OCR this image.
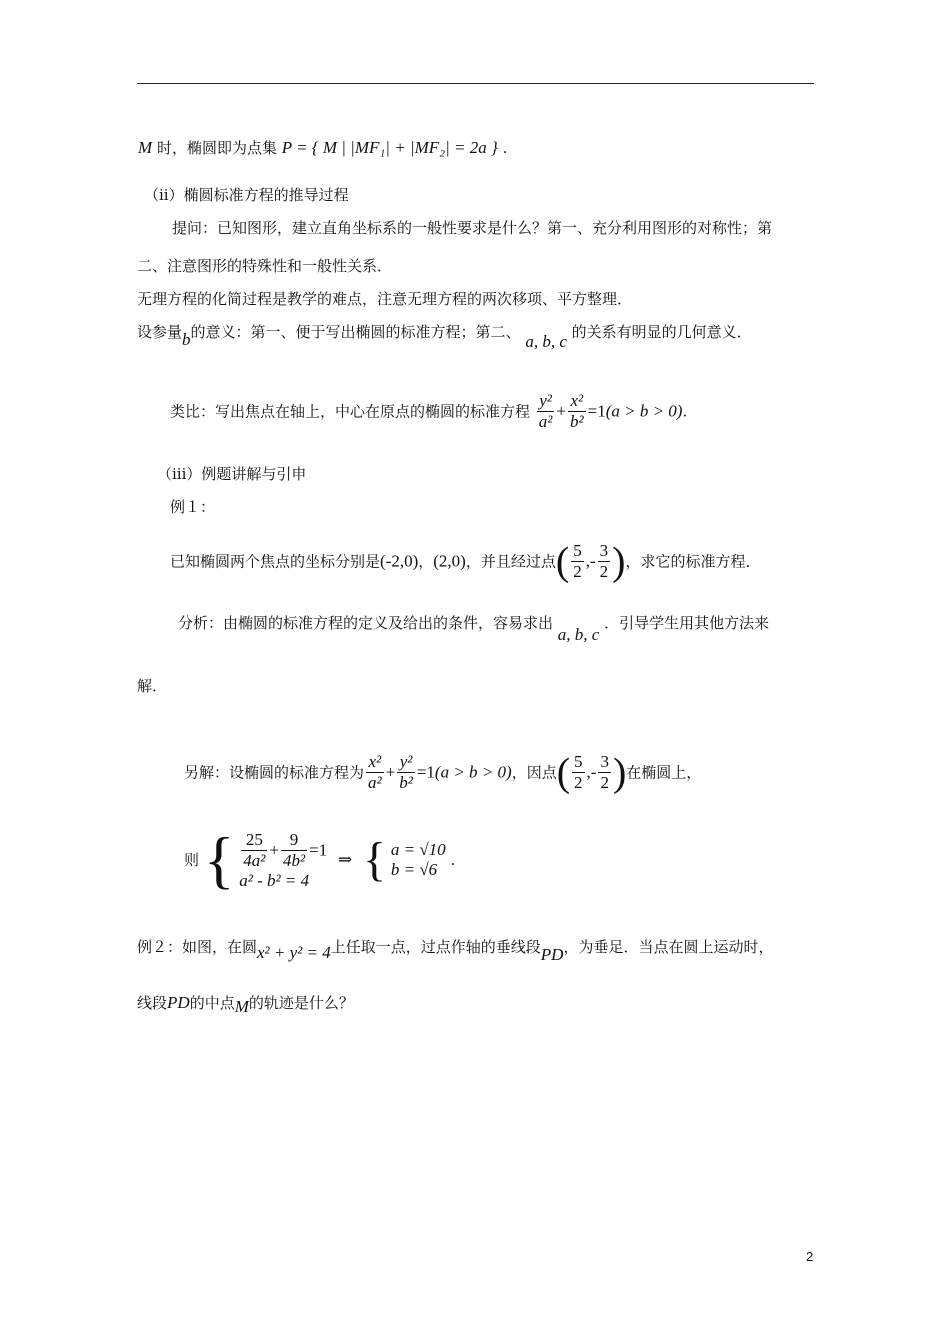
M 时，椭圆即为点集 P = { M | |MF₁| + |MF₂| = 2a } .
（ii）椭圆标准方程的推导过程
提问：已知图形，建立直角坐标系的一般性要求是什么？第一、充分利用图形的对称性；第
二、注意图形的特殊性和一般性关系．
无理方程的化简过程是教学的难点，注意无理方程的两次移项、平方整理．
设参量b的意义：第一、便于写出椭圆的标准方程；第二、 a, b, c 的关系有明显的几何意义．
类比：写出焦点在轴上，中心在原点的椭圆的标准方程 $\frac{\text{y²}}{\text{a²}} + \frac{\text{x²}}{\text{b²}} =1(a > b > 0)$.
（iii）例题讲解与引申
例１：
已知椭圆两个焦点的坐标分别是(-2,0)，(2,0)，并且经过点( $\frac{5}{2}$ ,- $\frac{3}{2}$ )，求它的标准方程．
分析：由椭圆的标准方程的定义及给出的条件，容易求出 a, b, c ．引导学生用其他方法来
解．
另解：设椭圆的标准方程为 $\frac{\text{x²}}{\text{a²}} + \frac{\text{y²}}{\text{b²}} =1(a > b > 0)$，因点( $\frac{5}{2}$ ,- $\frac{3}{2}$ )在椭圆上，
则 { $\frac{25}{\text{4a²}} + \frac{9}{\text{4b²}} =1$
a² - b² = 4
⇒ { a = √10
b = √6 .
例２：如图，在圆x² + y² = 4上任取一点，过点作轴的垂线段PD，为垂足．当点在圆上运动时，
线段PD的中点M的轨迹是什么？
2
